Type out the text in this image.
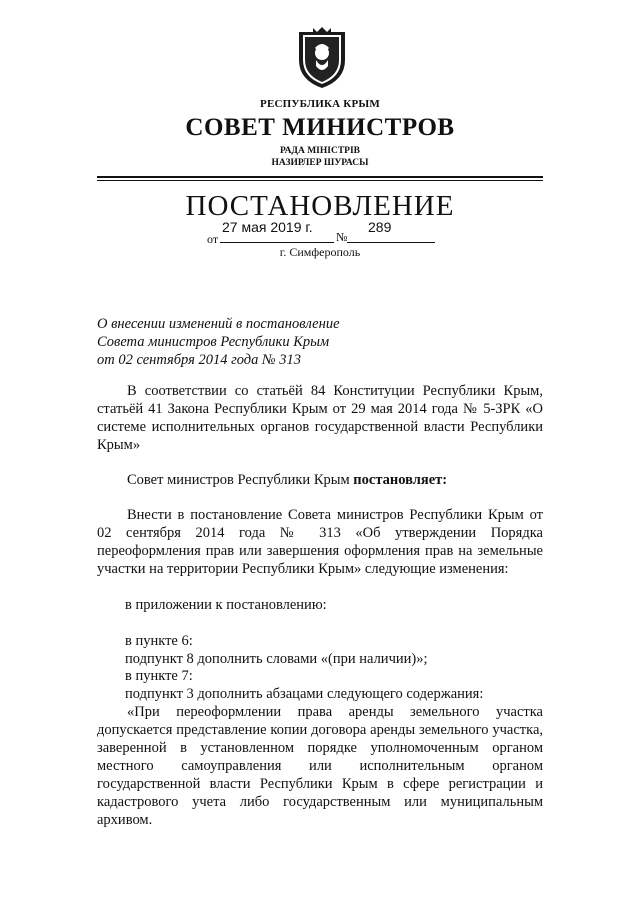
РЕСПУБЛИКА КРЫМ
СОВЕТ МИНИСТРОВ
РАДА МІНІСТРІВ
НАЗИРЛЕР ШУРАСЫ
ПОСТАНОВЛЕНИЕ
от
27 мая 2019 г.
№
289
г. Симферополь
О внесении изменений в постановление
Совета министров Республики Крым
от 02 сентября 2014 года № 313
В соответствии со статьёй 84 Конституции Республики Крым, статьёй 41 Закона Республики Крым от 29 мая 2014 года № 5-ЗРК «О системе исполнительных органов государственной власти Республики Крым»
Совет министров Республики Крым постановляет:
Внести в постановление Совета министров Республики Крым от 02 сентября 2014 года № 313 «Об утверждении Порядка переоформления прав или завершения оформления прав на земельные участки на территории Республики Крым» следующие изменения:
в приложении к постановлению:
в пункте 6:
подпункт 8 дополнить словами «(при наличии)»;
в пункте 7:
подпункт 3 дополнить абзацами следующего содержания:
«При переоформлении права аренды земельного участка допускается представление копии договора аренды земельного участка, заверенной в установленном порядке уполномоченным органом местного самоуправления или исполнительным органом государственной власти Республики Крым в сфере регистрации и кадастрового учета либо государственным или муниципальным архивом.
